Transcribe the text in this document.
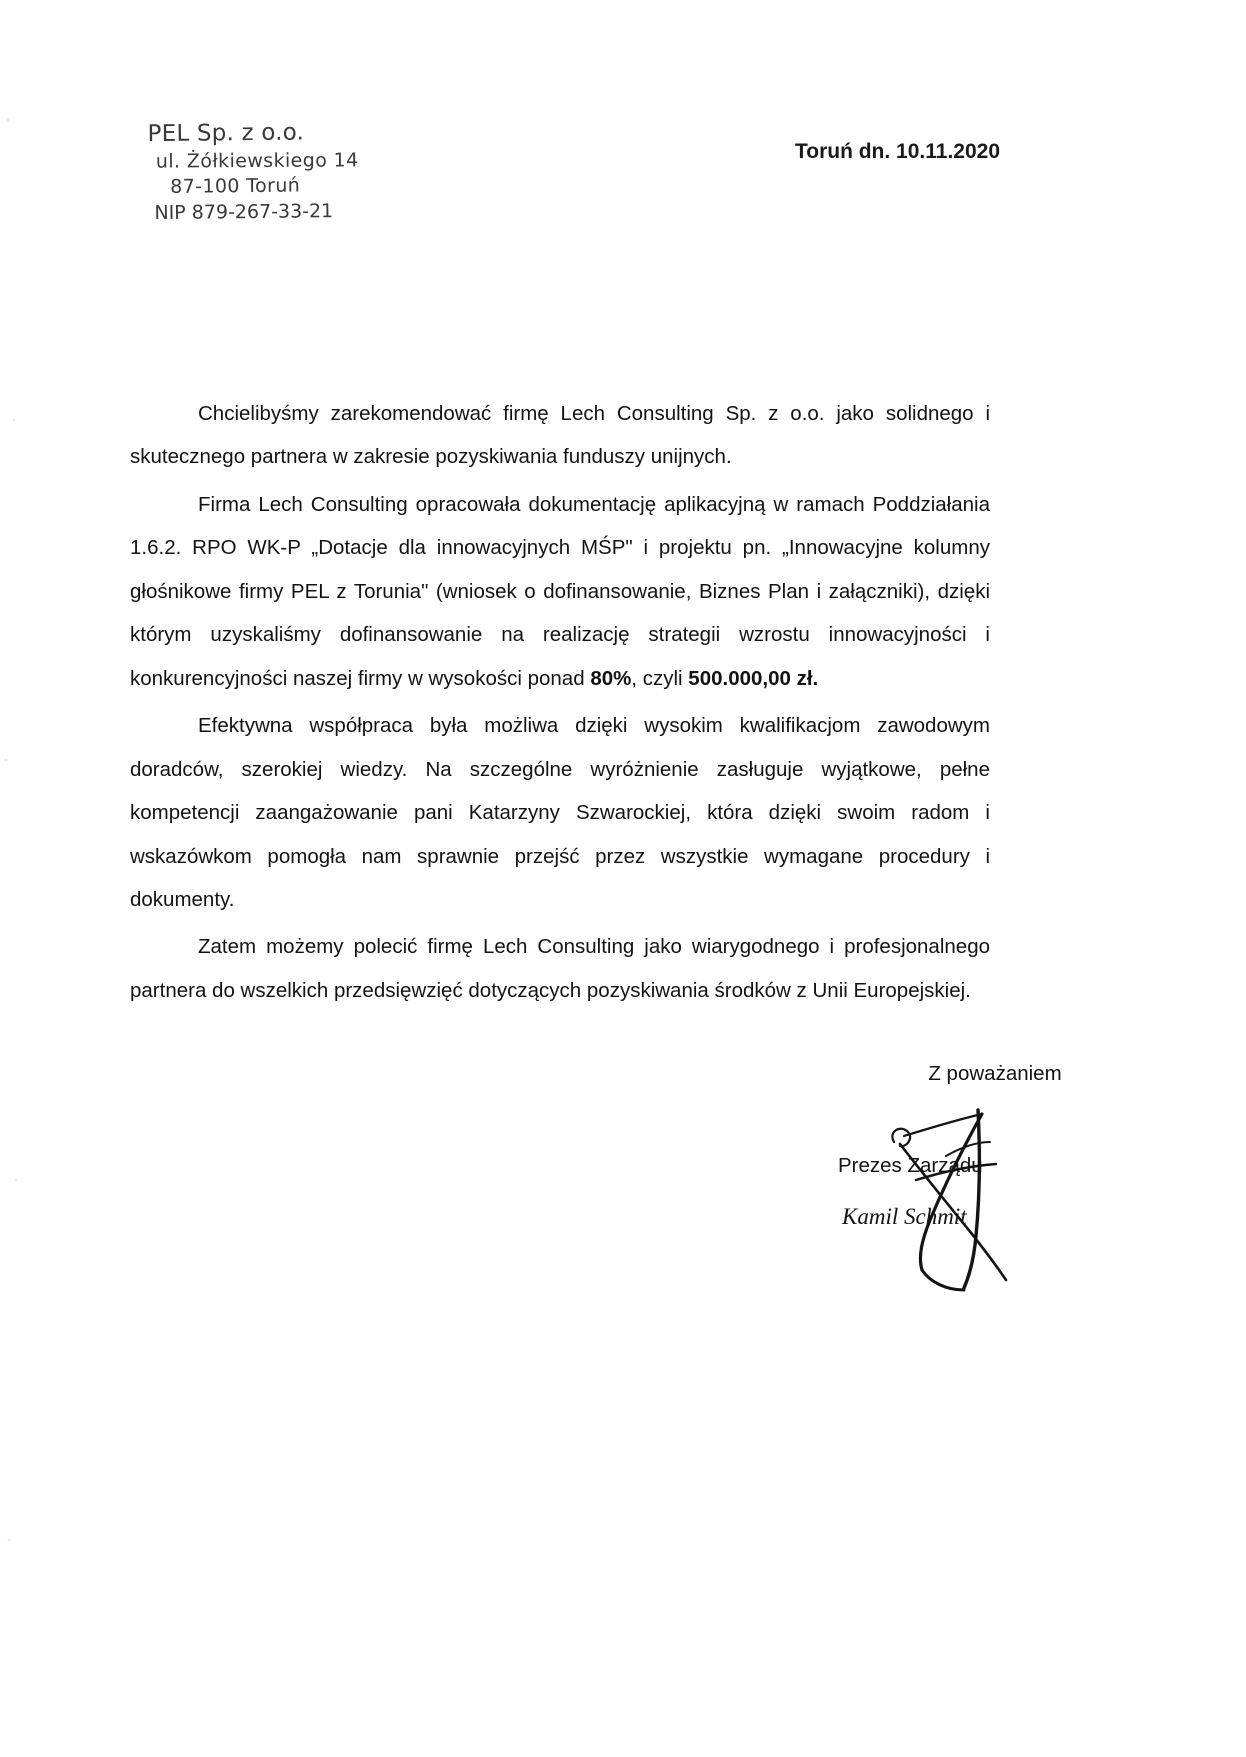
PEL Sp. z o.o.
ul. Żółkiewskiego 14
87-100 Toruń
NIP 879-267-33-21
Toruń dn. 10.11.2020

Chcielibyśmy zarekomendować firmę Lech Consulting Sp. z o.o. jako solidnego i skutecznego partnera w zakresie pozyskiwania funduszy unijnych.

Firma Lech Consulting opracowała dokumentację aplikacyjną w ramach Poddziałania 1.6.2. RPO WK-P „Dotacje dla innowacyjnych MŚP" i projektu pn. „Innowacyjne kolumny głośnikowe firmy PEL z Torunia" (wniosek o dofinansowanie, Biznes Plan i załączniki), dzięki którym uzyskaliśmy dofinansowanie na realizację strategii wzrostu innowacyjności i konkurencyjności naszej firmy w wysokości ponad 80%, czyli 500.000,00 zł.

Efektywna współpraca była możliwa dzięki wysokim kwalifikacjom zawodowym doradców, szerokiej wiedzy. Na szczególne wyróżnienie zasługuje wyjątkowe, pełne kompetencji zaangażowanie pani Katarzyny Szwarockiej, która dzięki swoim radom i wskazówkom pomogła nam sprawnie przejść przez wszystkie wymagane procedury i dokumenty.

Zatem możemy polecić firmę Lech Consulting jako wiarygodnego i profesjonalnego partnera do wszelkich przedsięwzięć dotyczących pozyskiwania środków z Unii Europejskiej.

Z poważaniem
Prezes Zarządu
Kamil Schmit
